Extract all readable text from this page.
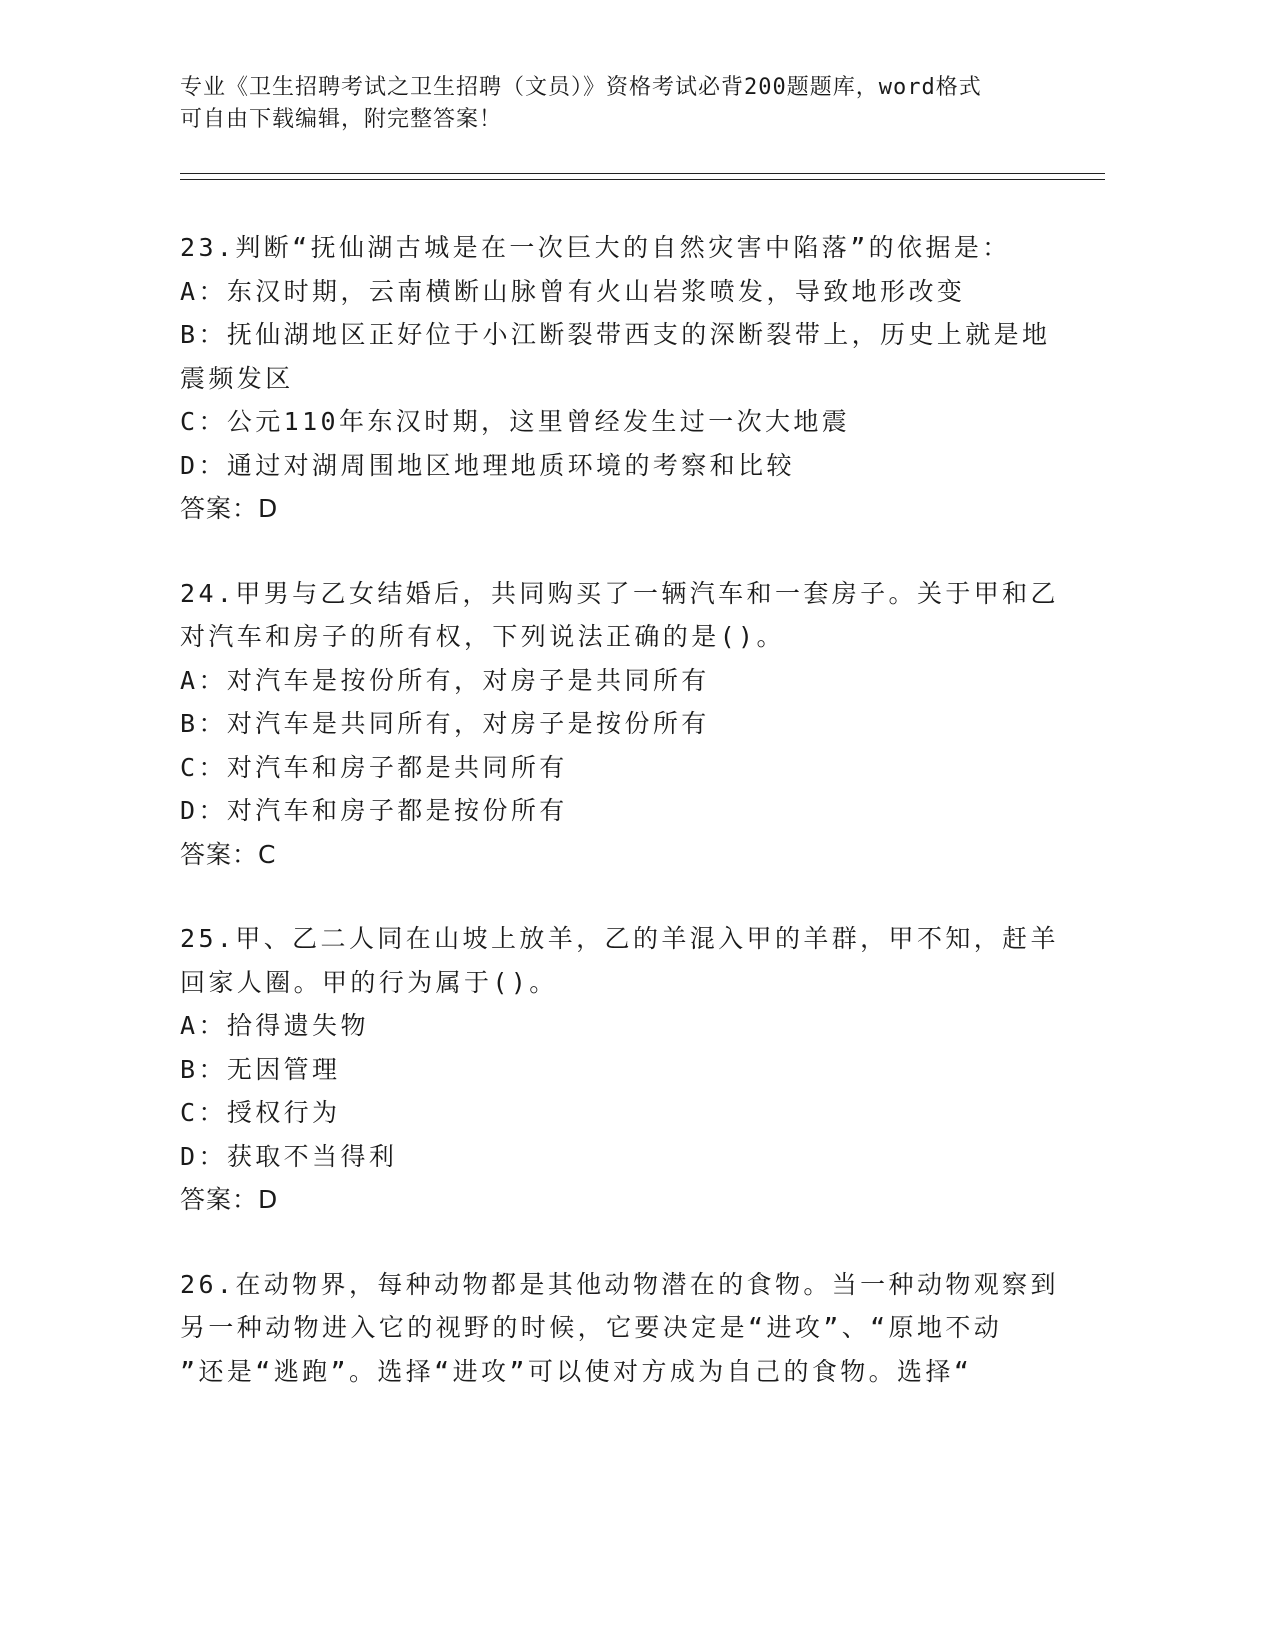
专业《卫生招聘考试之卫生招聘（文员）》资格考试必背200题题库，word格式
可自由下载编辑，附完整答案！
23.判断“抚仙湖古城是在一次巨大的自然灾害中陷落”的依据是：
A：东汉时期，云南横断山脉曾有火山岩浆喷发，导致地形改变
B：抚仙湖地区正好位于小江断裂带西支的深断裂带上，历史上就是地
震频发区
C：公元110年东汉时期，这里曾经发生过一次大地震
D：通过对湖周围地区地理地质环境的考察和比较
答案：D
24.甲男与乙女结婚后，共同购买了一辆汽车和一套房子。关于甲和乙
对汽车和房子的所有权，下列说法正确的是()。
A：对汽车是按份所有，对房子是共同所有
B：对汽车是共同所有，对房子是按份所有
C：对汽车和房子都是共同所有
D：对汽车和房子都是按份所有
答案：C
25.甲、乙二人同在山坡上放羊，乙的羊混入甲的羊群，甲不知，赶羊
回家人圈。甲的行为属于()。
A：拾得遗失物
B：无因管理
C：授权行为
D：获取不当得利
答案：D
26.在动物界，每种动物都是其他动物潜在的食物。当一种动物观察到
另一种动物进入它的视野的时候，它要决定是“进攻”、“原地不动
”还是“逃跑”。选择“进攻”可以使对方成为自己的食物。选择“
